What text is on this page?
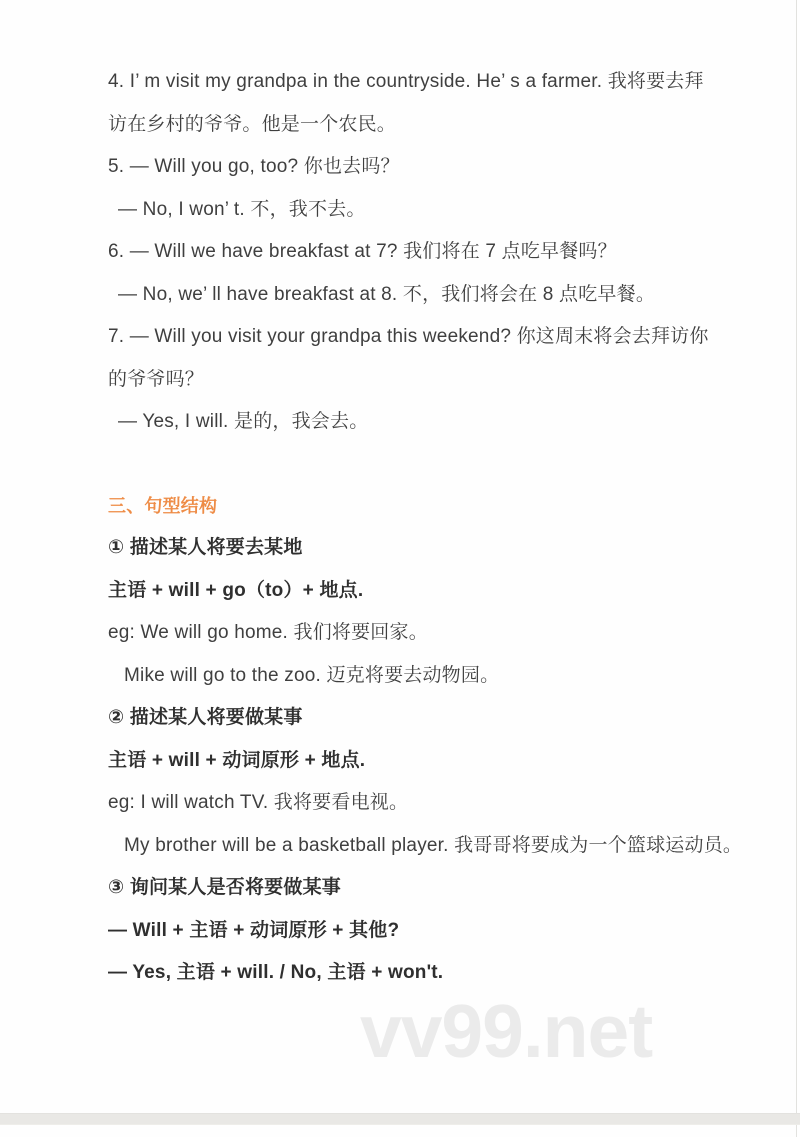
4. I’ m visit my grandpa in the countryside. He’ s a farmer. 我将要去拜

访在乡村的爷爷。他是一个农民。

5. — Will you go, too? 你也去吗？

— No, I won’ t. 不，我不去。

6. — Will we have breakfast at 7? 我们将在 7 点吃早餐吗？

— No, we’ ll have breakfast at 8. 不，我们将会在 8 点吃早餐。

7. — Will you visit your grandpa this weekend? 你这周末将会去拜访你

的爷爷吗？

— Yes, I will. 是的，我会去。

三、句型结构

① 描述某人将要去某地

主语 + will + go（to）+ 地点.

eg: We will go home. 我们将要回家。

Mike will go to the zoo. 迈克将要去动物园。

② 描述某人将要做某事

主语 + will + 动词原形 + 地点.

eg: I will watch TV. 我将要看电视。

My brother will be a basketball player. 我哥哥将要成为一个篮球运动员。

③ 询问某人是否将要做某事

— Will + 主语 + 动词原形 + 其他?

— Yes, 主语 + will. / No, 主语 + won't.

vv99.net
